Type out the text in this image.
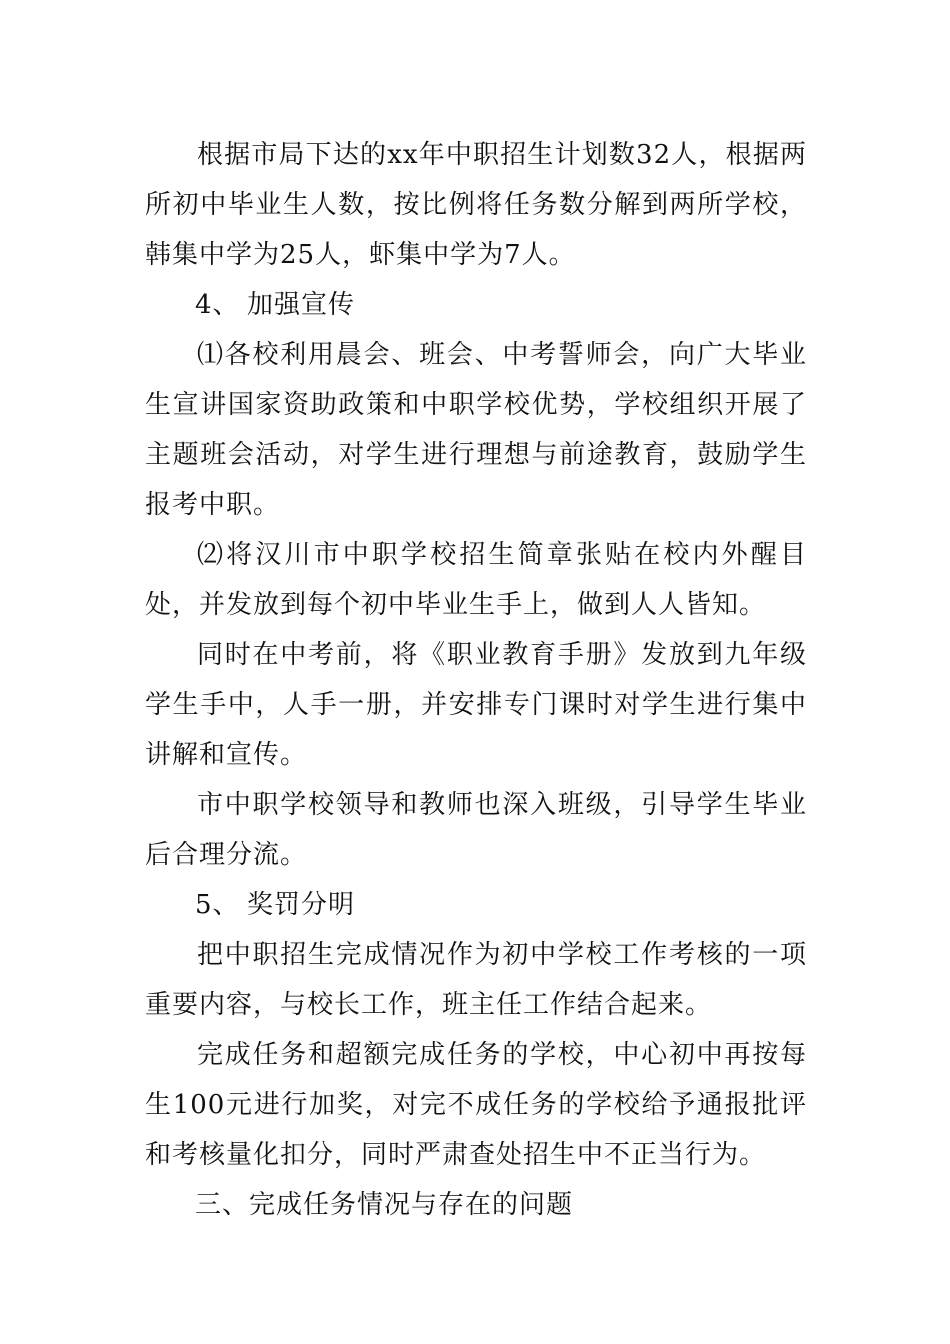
根据市局下达的xx年中职招生计划数32人，根据两所初中毕业生人数，按比例将任务数分解到两所学校，韩集中学为25人，虾集中学为7人。

4、 加强宣传

⑴各校利用晨会、班会、中考誓师会，向广大毕业生宣讲国家资助政策和中职学校优势，学校组织开展了主题班会活动，对学生进行理想与前途教育，鼓励学生报考中职。

⑵将汉川市中职学校招生简章张贴在校内外醒目处，并发放到每个初中毕业生手上，做到人人皆知。

同时在中考前，将《职业教育手册》发放到九年级学生手中，人手一册，并安排专门课时对学生进行集中讲解和宣传。

市中职学校领导和教师也深入班级，引导学生毕业后合理分流。

5、 奖罚分明

把中职招生完成情况作为初中学校工作考核的一项重要内容，与校长工作，班主任工作结合起来。

完成任务和超额完成任务的学校，中心初中再按每生100元进行加奖，对完不成任务的学校给予通报批评和考核量化扣分，同时严肃查处招生中不正当行为。

三、完成任务情况与存在的问题
